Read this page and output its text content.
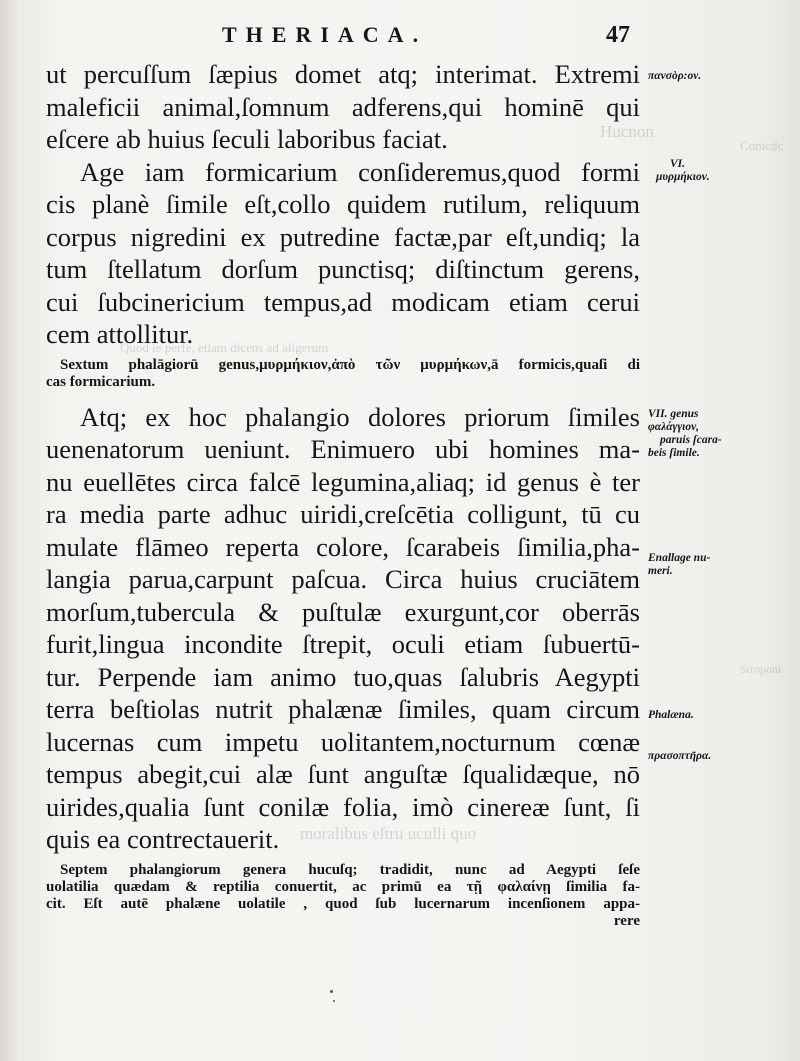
Hucnon
Conicdc
Quod ie perfe, etiam dicens ad aligerum
Stroponi
moralibus eſtru uculli quo
THERIACA.	47
ut percuſſum ſæpius domet atq; interimat. Extremi
maleficii animal,ſomnum adferens,qui hominē qui
eſcere ab huius ſeculi laboribus faciat.
Age iam formicarium conſideremus,quod formi
cis planè ſimile eſt,collo quidem rutilum, reliquum
corpus nigredini ex putredine factæ,par eſt,undiq; la
tum ſtellatum dorſum punctisq; diſtinctum gerens,
cui ſubcinericium tempus,ad modicam etiam cerui
cem attollitur.
Sextum phalāgiorū genus,μυρμήκιον,ἀπὸ τῶν μυρμήκων,ā formicis,quaſi di
cas formicarium.
Atq; ex hoc phalangio dolores priorum ſimiles
uenenatorum ueniunt. Enimuero ubi homines ma-
nu euellētes circa falcē legumina,aliaq; id genus è ter
ra media parte adhuc uiridi,creſcētia colligunt, tū cu
mulate flāmeo reperta colore, ſcarabeis ſimilia,pha-
langia parua,carpunt paſcua. Circa huius cruciātem
morſum,tubercula & puſtulæ exurgunt,cor oberrās
furit,lingua incondite ſtrepit, oculi etiam ſubuertū-
tur. Perpende iam animo tuo,quas ſalubris Aegypti
terra beſtiolas nutrit phalænæ ſimiles, quam circum
lucernas cum impetu uolitantem,nocturnum cœnæ
tempus abegit,cui alæ ſunt anguſtæ ſqualidæque, nō
uirides,qualia ſunt conilæ folia, imò cinereæ ſunt, ſi
quis ea contrectauerit.
Septem phalangiorum genera hucuſq; tradidit, nunc ad Aegypti ſeſe
uolatilia quædam & reptilia conuertit, ac primū ea τῇ φαλαίνῃ ſimilia fa-
cit. Eſt autē phalæne uolatile , quod ſub lucernarum incenſionem appa-
rere
πανσὸρ:ον.
VI.
μυρμήκιον.
VII. genus
φαλάγγιον,
paruis ſcara-
beis ſimile.
Enallage nu-
meri.
Phalæna.
πρασοπτῆρα.
